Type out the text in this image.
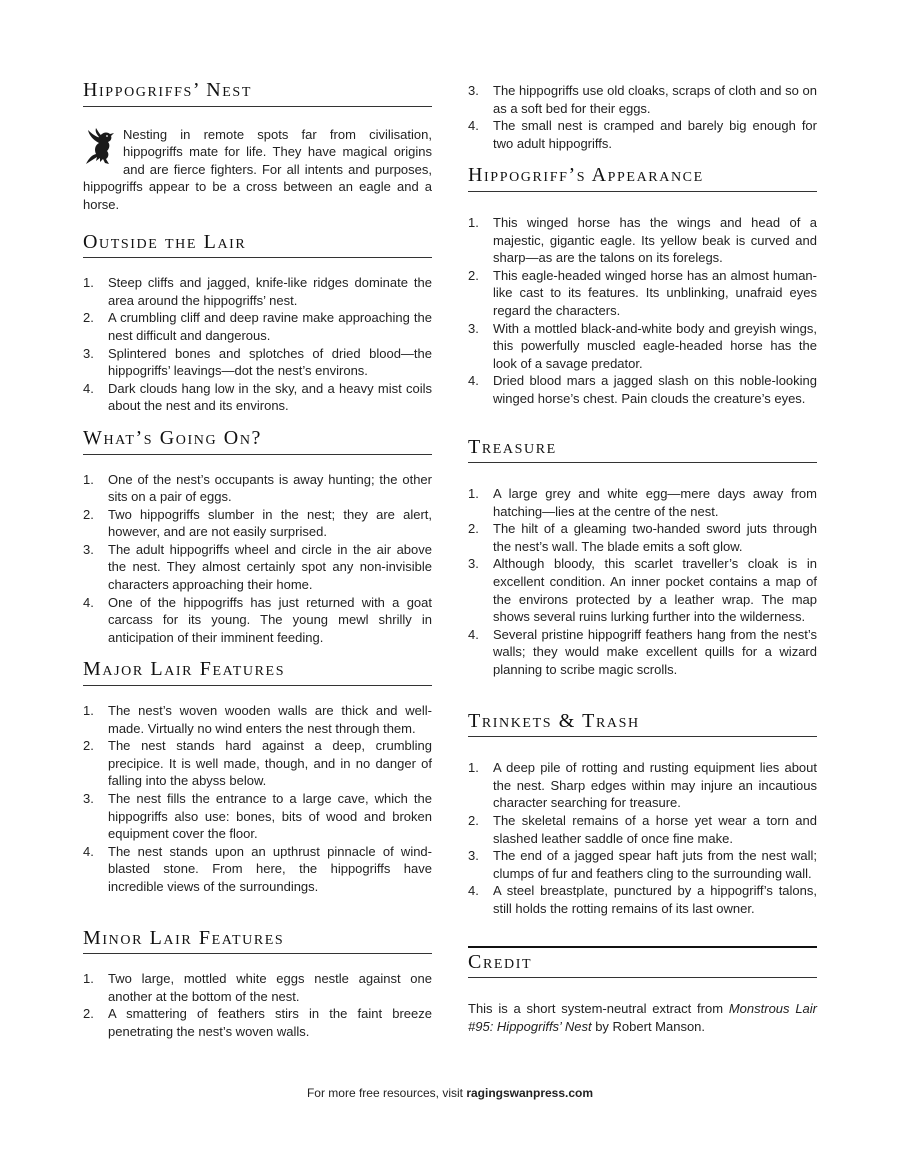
Hippogriffs’ Nest

Nesting in remote spots far from civilisation, hippogriffs mate for life. They have magical origins and are fierce fighters. For all intents and purposes, hippogriffs appear to be a cross between an eagle and a horse.

Outside the Lair
Steep cliffs and jagged, knife-like ridges dominate the area around the hippogriffs’ nest.
A crumbling cliff and deep ravine make approaching the nest difficult and dangerous.
Splintered bones and splotches of dried blood—the hippogriffs’ leavings—dot the nest’s environs.
Dark clouds hang low in the sky, and a heavy mist coils about the nest and its environs.
What’s Going On?
One of the nest’s occupants is away hunting; the other sits on a pair of eggs.
Two hippogriffs slumber in the nest; they are alert, however, and are not easily surprised.
The adult hippogriffs wheel and circle in the air above the nest. They almost certainly spot any non-invisible characters approaching their home.
One of the hippogriffs has just returned with a goat carcass for its young. The young mewl shrilly in anticipation of their imminent feeding.
Major Lair Features
The nest’s woven wooden walls are thick and well-made. Virtually no wind enters the nest through them.
The nest stands hard against a deep, crumbling precipice. It is well made, though, and in no danger of falling into the abyss below.
The nest fills the entrance to a large cave, which the hippogriffs also use: bones, bits of wood and broken equipment cover the floor.
The nest stands upon an upthrust pinnacle of wind-blasted stone. From here, the hippogriffs have incredible views of the surroundings.
Minor Lair Features
Two large, mottled white eggs nestle against one another at the bottom of the nest.
A smattering of feathers stirs in the faint breeze penetrating the nest’s woven walls.
The hippogriffs use old cloaks, scraps of cloth and so on as a soft bed for their eggs.
The small nest is cramped and barely big enough for two adult hippogriffs.
Hippogriff’s Appearance
This winged horse has the wings and head of a majestic, gigantic eagle. Its yellow beak is curved and sharp—as are the talons on its forelegs.
This eagle-headed winged horse has an almost human-like cast to its features. Its unblinking, unafraid eyes regard the characters.
With a mottled black-and-white body and greyish wings, this powerfully muscled eagle-headed horse has the look of a savage predator.
Dried blood mars a jagged slash on this noble-looking winged horse’s chest. Pain clouds the creature’s eyes.
Treasure
A large grey and white egg—mere days away from hatching—lies at the centre of the nest.
The hilt of a gleaming two-handed sword juts through the nest’s wall. The blade emits a soft glow.
Although bloody, this scarlet traveller’s cloak is in excellent condition. An inner pocket contains a map of the environs protected by a leather wrap. The map shows several ruins lurking further into the wilderness.
Several pristine hippogriff feathers hang from the nest’s walls; they would make excellent quills for a wizard planning to scribe magic scrolls.
Trinkets & Trash
A deep pile of rotting and rusting equipment lies about the nest. Sharp edges within may injure an incautious character searching for treasure.
The skeletal remains of a horse yet wear a torn and slashed leather saddle of once fine make.
The end of a jagged spear haft juts from the nest wall; clumps of fur and feathers cling to the surrounding wall.
A steel breastplate, punctured by a hippogriff’s talons, still holds the rotting remains of its last owner.
Credit

This is a short system-neutral extract from Monstrous Lair #95: Hippogriffs’ Nest by Robert Manson.

For more free resources, visit ragingswanpress.com
